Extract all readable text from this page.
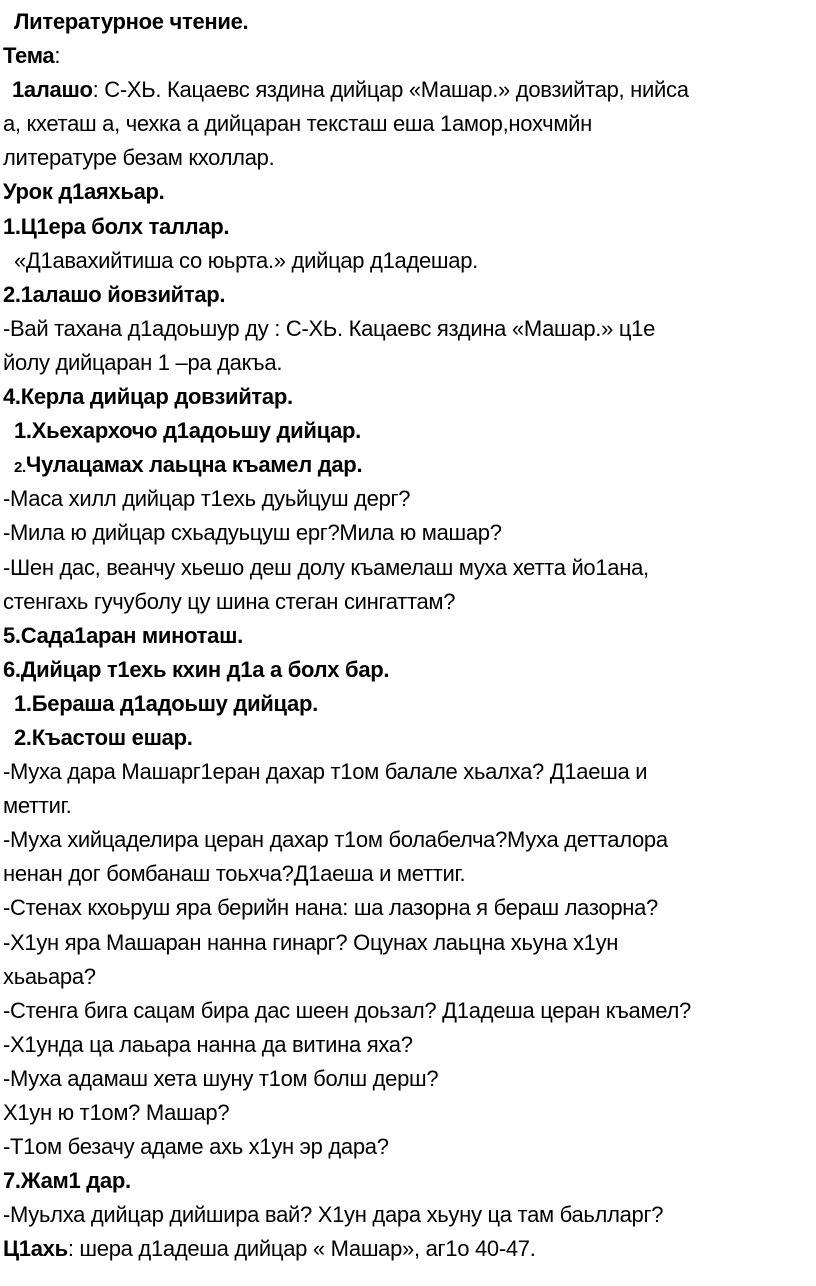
Литературное чтение.
Тема:
1алашо: С-ХЬ. Кацаевс яздина дийцар «Машар.» довзийтар, нийса
а, кхеташ а, чехка а дийцаран тексташ еша 1амор,нохчмйн
литературе безам кхоллар.
Урок д1аяхьар.
1.Ц1ера болх таллар.
«Д1авахийтиша со юьрта.» дийцар д1адешар.
2.1алашо йовзийтар.
-Вай тахана д1адоьшур ду : С-ХЬ. Кацаевс яздина «Машар.» ц1е
йолу дийцаран 1 –ра дакъа.
4.Керла дийцар довзийтар.
1.Хьехархочо д1адоьшу дийцар.
2.Чулацамах лаьцна къамел дар.
-Маса хилл дийцар т1ехь дуьйцуш дерг?
-Мила ю дийцар схьадуьцуш ерг?Мила ю машар?
-Шен дас, веанчу хьешо деш долу къамелаш муха хетта йо1ана,
стенгахь гучуболу цу шина стеган сингаттам?
5.Сада1аран миноташ.
6.Дийцар т1ехь кхин д1а а болх бар.
1.Бераша д1адоьшу дийцар.
2.Къастош ешар.
-Муха дара Машарг1еран дахар т1ом балале хьалха? Д1аеша и
меттиг.
-Муха хийцаделира церан дахар т1ом болабелча?Муха детталора
ненан дог бомбанаш тоьхча?Д1аеша и меттиг.
-Стенах кхоьруш яра берийн нана: ша лазорна я бераш лазорна?
-Х1ун яра Машаран нанна гинарг? Оцунах лаьцна хьуна х1ун
хьаьара?
-Стенга бига сацам бира дас шеен доьзал? Д1адеша церан къамел?
-Х1унда ца лаьара нанна да витина яха?
-Муха адамаш хета шуну т1ом болш дерш?
Х1ун ю т1ом? Машар?
-Т1ом безачу адаме ахь х1ун эр дара?
7.Жам1 дар.
-Муьлха дийцар дийшира вай? Х1ун дара хьуну ца там баьлларг?
Ц1ахь: шера д1адеша дийцар « Машар», аг1о 40-47.
